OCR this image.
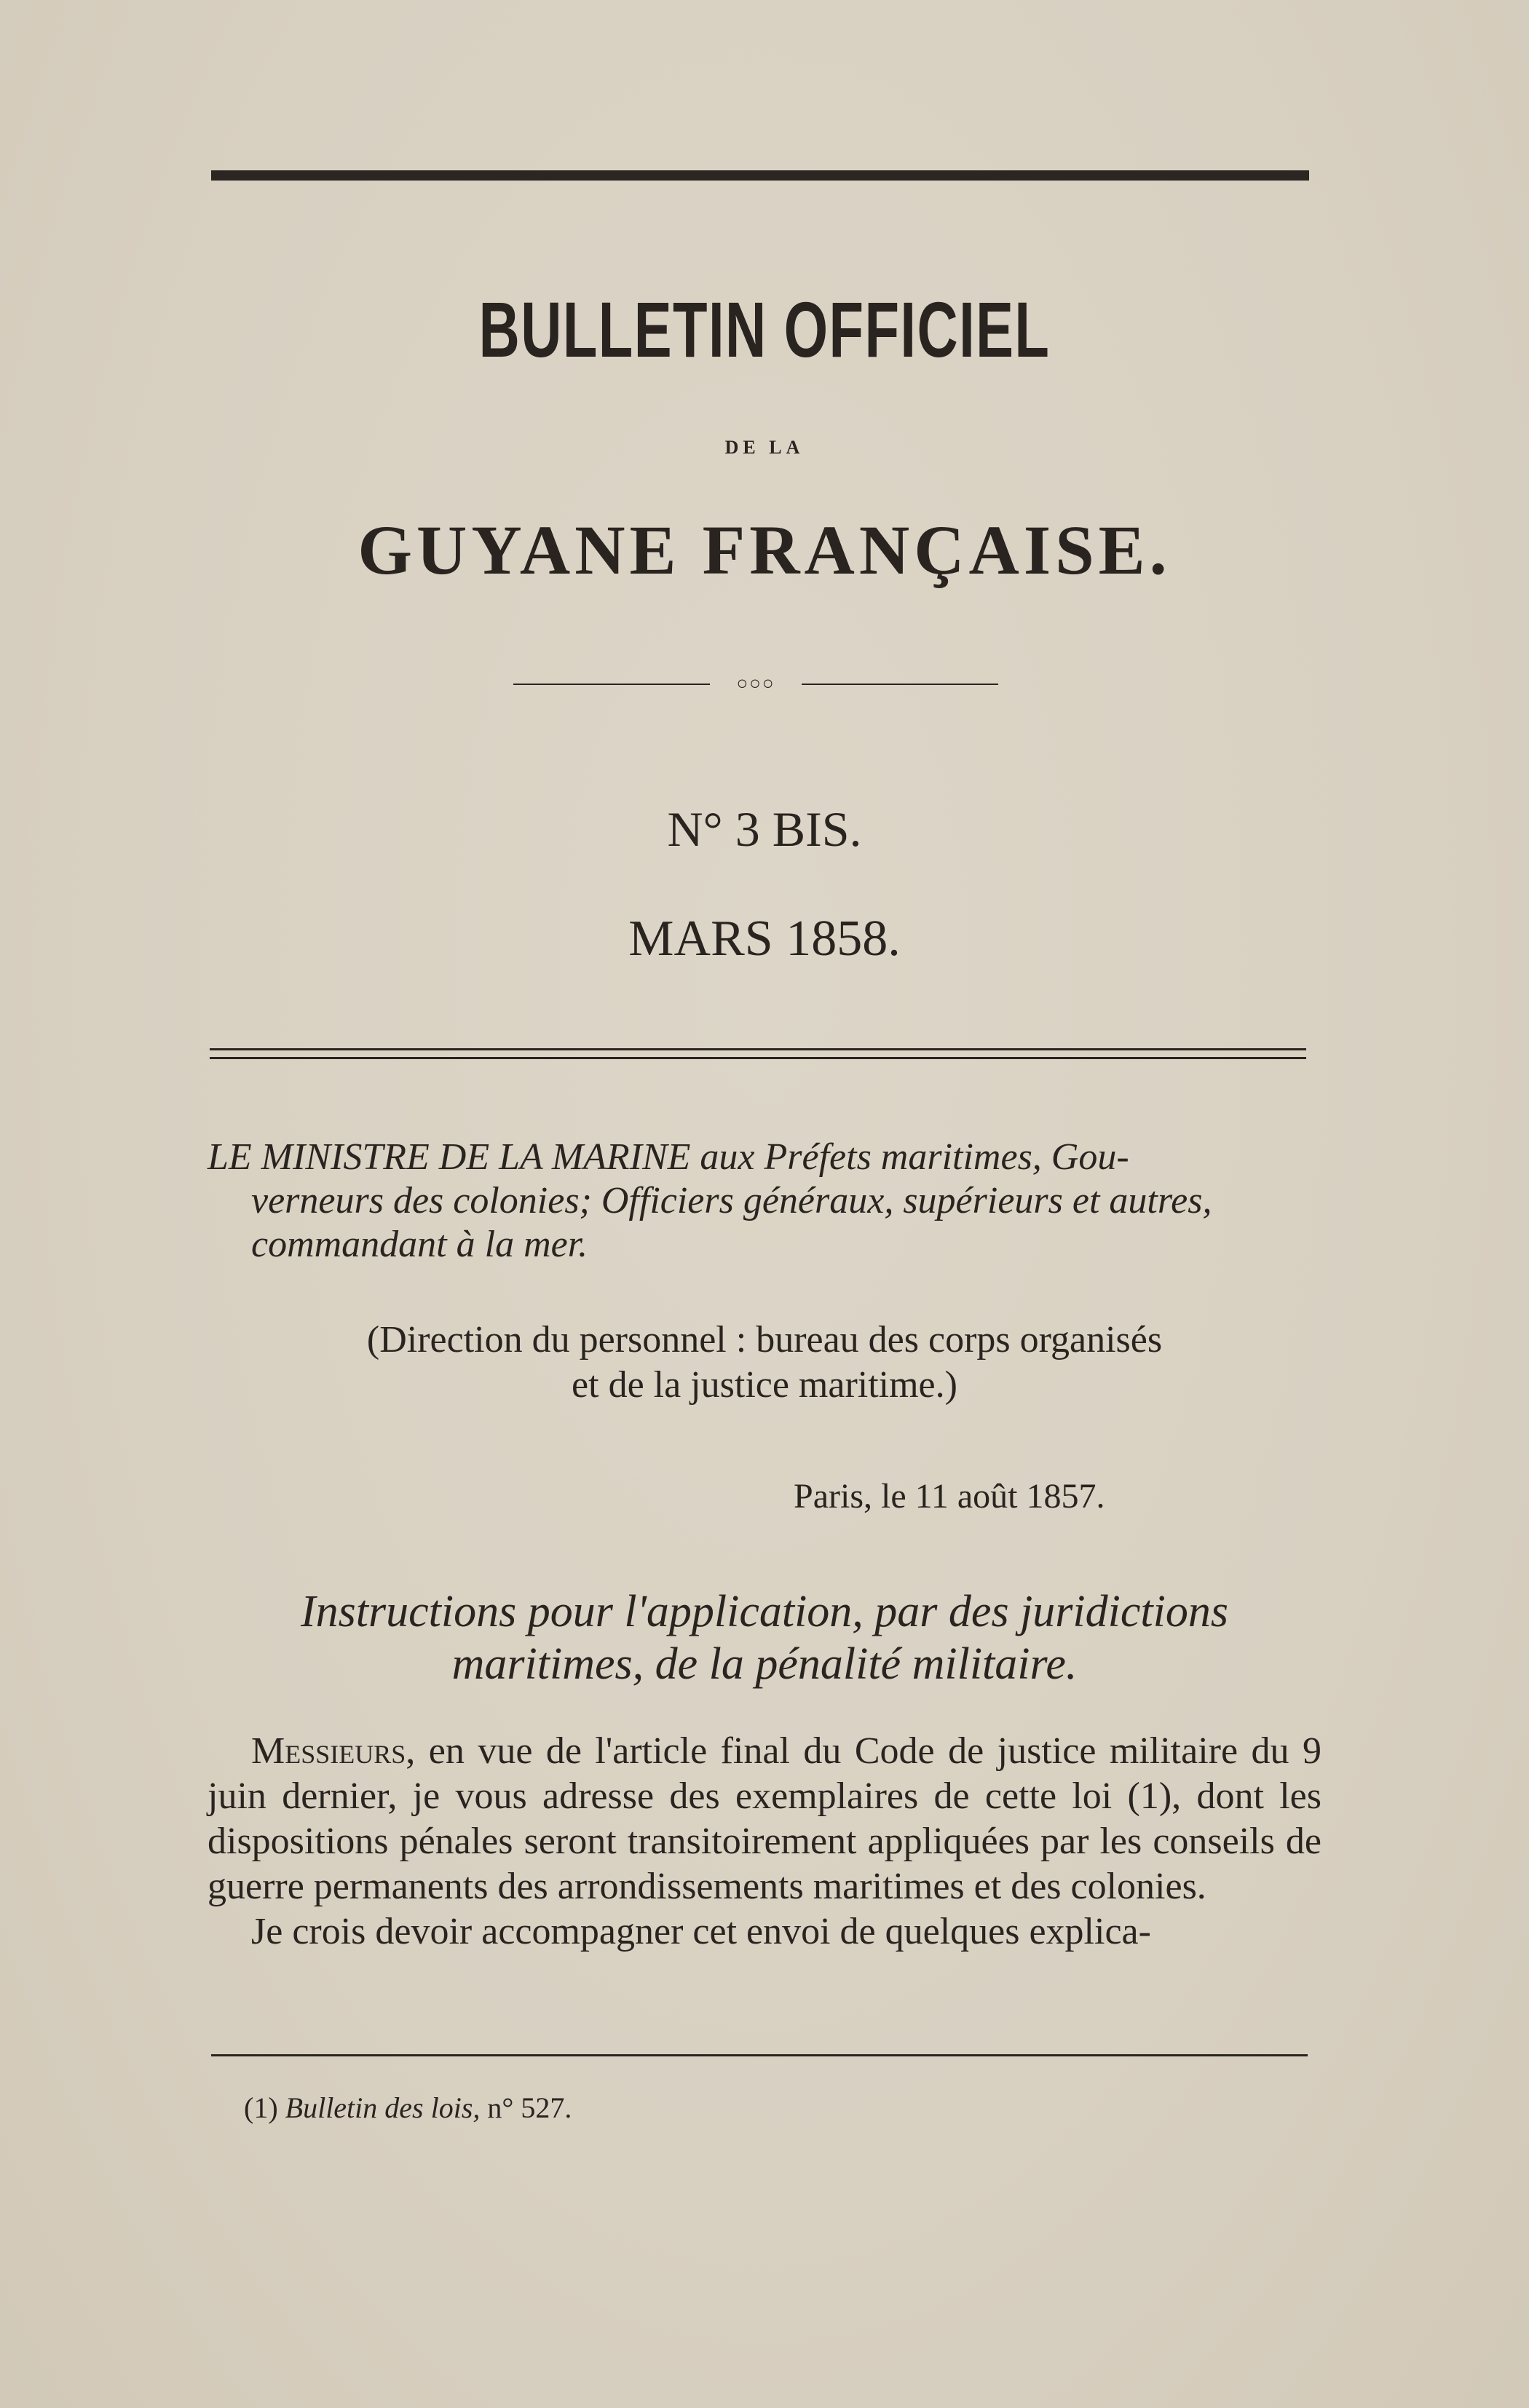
BULLETIN OFFICIEL
DE LA
GUYANE FRANÇAISE.
○○○
N° 3 BIS.
MARS 1858.
LE MINISTRE DE LA MARINE aux Préfets maritimes, Gou-
verneurs des colonies; Officiers généraux, supérieurs et autres,
commandant à la mer.
(Direction du personnel : bureau des corps organisés
et de la justice maritime.)
Paris, le 11 août 1857.
Instructions pour l'application, par des juridictions
maritimes, de la pénalité militaire.

Messieurs, en vue de l'article final du Code de justice militaire du 9 juin dernier, je vous adresse des exemplaires de cette loi (1), dont les dispositions pénales seront transitoirement appliquées par les conseils de guerre permanents des arrondissements maritimes et des colonies.

Je crois devoir accompagner cet envoi de quelques explica-

(1) Bulletin des lois, n° 527.
